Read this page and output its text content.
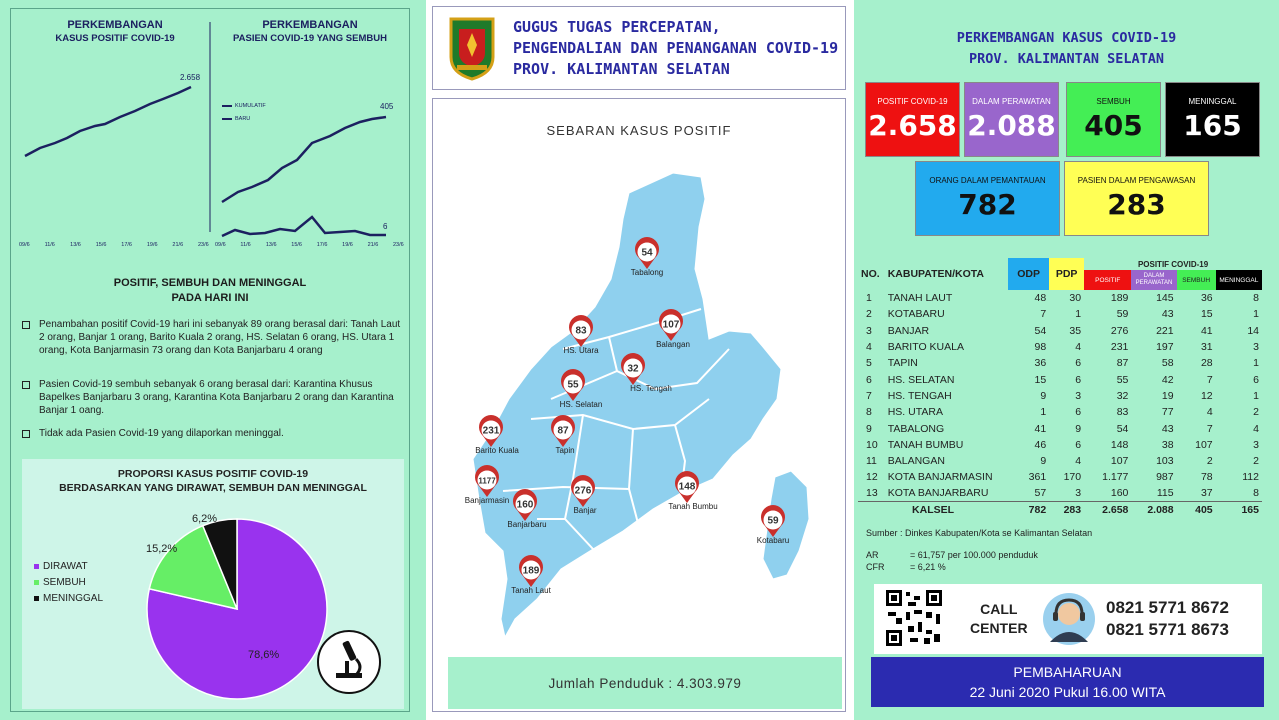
PERKEMBANGAN
KASUS POSITIF COVID-19
2.658
09/6	11/6	13/6	15/6	17/6	19/6	21/6	23/6
PERKEMBANGAN
PASIEN COVID-19 YANG SEMBUH
KUMULATIF
BARU
405
6
09/6	11/6	13/6	15/6	17/6	19/6	21/6	23/6
POSITIF, SEMBUH DAN MENINGGAL
PADA HARI INI
Penambahan positif Covid-19 hari ini sebanyak 89 orang berasal dari: Tanah Laut 2 orang, Banjar 1 orang, Barito Kuala 2 orang, HS. Selatan 6 orang, HS. Utara 1 orang, Kota Banjarmasin 73 orang dan Kota Banjarbaru 4 orang
Pasien Covid-19 sembuh sebanyak 6 orang berasal dari: Karantina Khusus Bapelkes Banjarbaru 3 orang, Karantina Kota Banjarbaru 2 orang dan Karantina Banjar 1 oang.
Tidak ada Pasien Covid-19 yang dilaporkan meninggal.
PROPORSI KASUS POSITIF COVID-19
BERDASARKAN YANG DIRAWAT, SEMBUH DAN MENINGGAL
78,6%
15,2%
6,2%
DIRAWAT
SEMBUH
MENINGGAL
GUGUS TUGAS PERCEPATAN,
PENGENDALIAN DAN PENANGANAN COVID-19
PROV. KALIMANTAN SELATAN
SEBARAN KASUS POSITIF
54
Tabalong
83
HS. Utara
107
Balangan
32
HS. Tengah
55
HS. Selatan
231
Barito Kuala
87
Tapin
1177
Banjarmasin 160
Banjarbaru
276
Banjar
148
Tanah Bumbu
59
Kotabaru
189
Tanah Laut
Jumlah Penduduk : 4.303.979
PERKEMBANGAN KASUS COVID-19
PROV. KALIMANTAN SELATAN
POSITIF COVID-19
2.658
DALAM PERAWATAN
2.088
SEMBUH
405
MENINGGAL
165
ORANG DALAM PEMANTAUAN
782
PASIEN DALAM PENGAWASAN
283
NO.	KABUPATEN/KOTA	ODP	PDP	POSITIF COVID-19			
				POSITIF	DALAM
PERAWATAN	SEMBUH	MENINGGAL
1	TANAH LAUT	48	30	189	145	36	8
2	KOTABARU	7	1	59	43	15	1
3	BANJAR	54	35	276	221	41	14
4	BARITO KUALA	98	4	231	197	31	3
5	TAPIN	36	6	87	58	28	1
6	HS. SELATAN	15	6	55	42	7	6
7	HS. TENGAH	9	3	32	19	12	1
8	HS. UTARA	1	6	83	77	4	2
9	TABALONG	41	9	54	43	7	4
10	TANAH BUMBU	46	6	148	38	107	3
11	BALANGAN	9	4	107	103	2	2
12	KOTA BANJARMASIN	361	170	1.177	987	78	112
13	KOTA BANJARBARU	57	3	160	115	37	8
KALSEL		782	283	2.658	2.088	405	165
Sumber : Dinkes Kabupaten/Kota se Kalimantan Selatan
AR	= 61,757 per 100.000 penduduk
CFR	= 6,21 %
CALL
CENTER
0821 5771 8672
0821 5771 8673
PEMBAHARUAN
22 Juni 2020 Pukul 16.00 WITA
